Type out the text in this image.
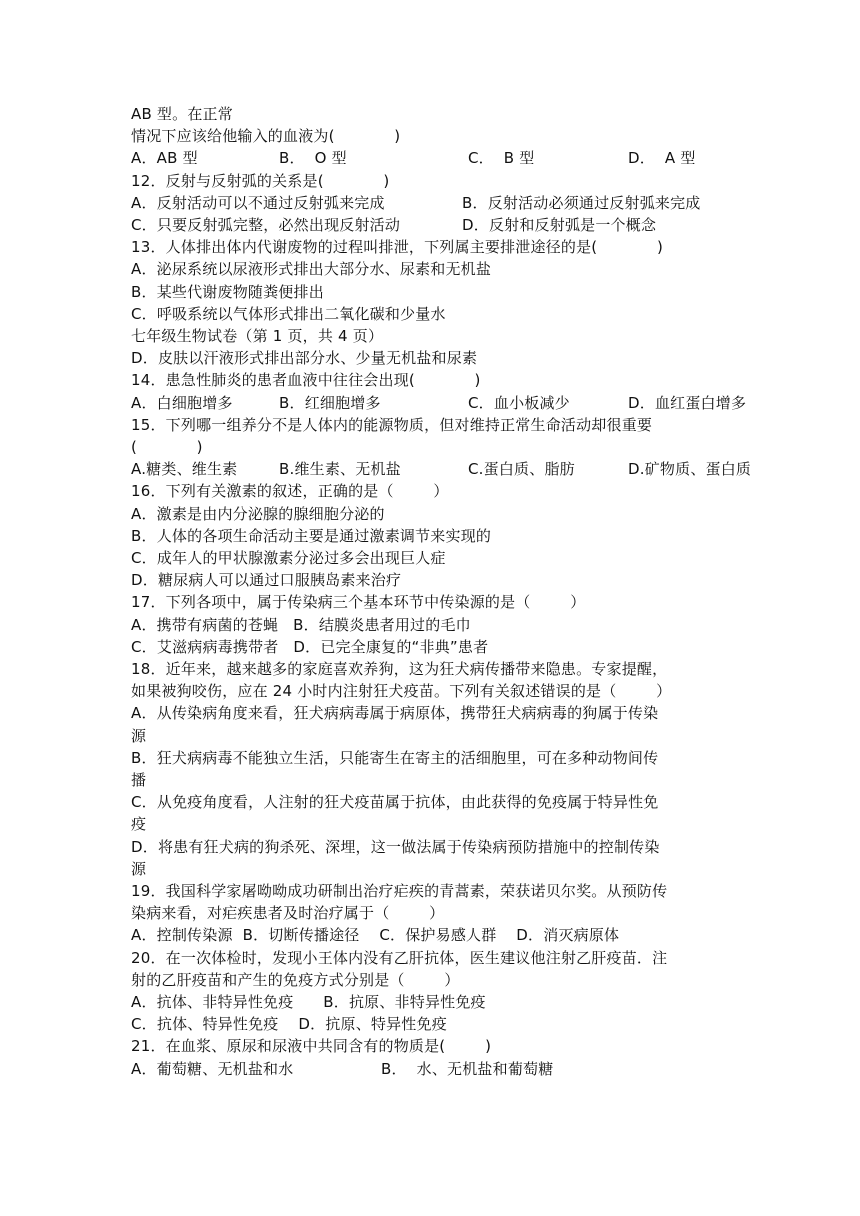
AB 型。在正常
情况下应该给他输入的血液为(            )
A．AB 型	B．  O 型	C．  B 型	D．  A 型
12．反射与反射弧的关系是(            )
A．反射活动可以不通过反射弧来完成	B．反射活动必须通过反射弧来完成
C．只要反射弧完整，必然出现反射活动	D．反射和反射弧是一个概念
13．人体排出体内代谢废物的过程叫排泄，下列属主要排泄途径的是(            )
A．泌尿系统以尿液形式排出大部分水、尿素和无机盐
B．某些代谢废物随粪便排出
C．呼吸系统以气体形式排出二氧化碳和少量水
七年级生物试卷（第 1 页，共 4 页）
D．皮肤以汗液形式排出部分水、少量无机盐和尿素
14．患急性肺炎的患者血液中往往会出现(            )
A．白细胞增多	B．红细胞增多	C．血小板减少	D．血红蛋白增多
15．下列哪一组养分不是人体内的能源物质，但对维持正常生命活动却很重要
(            )
A.糖类、维生素	B.维生素、无机盐	C.蛋白质、脂肪	D.矿物质、蛋白质
16．下列有关激素的叙述，正确的是（        ）
A．激素是由内分泌腺的腺细胞分泌的
B．人体的各项生命活动主要是通过激素调节来实现的
C．成年人的甲状腺激素分泌过多会出现巨人症
D．糖尿病人可以通过口服胰岛素来治疗
17．下列各项中，属于传染病三个基本环节中传染源的是（        ）
A．携带有病菌的苍蝇   B．结膜炎患者用过的毛巾
C．艾滋病病毒携带者   D．已完全康复的“非典”患者
18．近年来，越来越多的家庭喜欢养狗，这为狂犬病传播带来隐患。专家提醒，
如果被狗咬伤，应在 24 小时内注射狂犬疫苗。下列有关叙述错误的是（        ）
A．从传染病角度来看，狂犬病病毒属于病原体，携带狂犬病病毒的狗属于传染
源
B．狂犬病病毒不能独立生活，只能寄生在寄主的活细胞里，可在多种动物间传
播
C．从免疫角度看，人注射的狂犬疫苗属于抗体，由此获得的免疫属于特异性免
疫
D．将患有狂犬病的狗杀死、深埋，这一做法属于传染病预防措施中的控制传染
源
19．我国科学家屠呦呦成功研制出治疗疟疾的青蒿素，荣获诺贝尔奖。从预防传
染病来看，对疟疾患者及时治疗属于（        ）
A．控制传染源  B．切断传播途径    C．保护易感人群    D．消灭病原体
20．在一次体检时，发现小王体内没有乙肝抗体，医生建议他注射乙肝疫苗．注
射的乙肝疫苗和产生的免疫方式分别是（        ）
A．抗体、非特异性免疫      B．抗原、非特异性免疫
C．抗体、特异性免疫    D．抗原、特异性免疫
21．在血浆、原尿和尿液中共同含有的物质是(        )
A．葡萄糖、无机盐和水	B．  水、无机盐和葡萄糖
